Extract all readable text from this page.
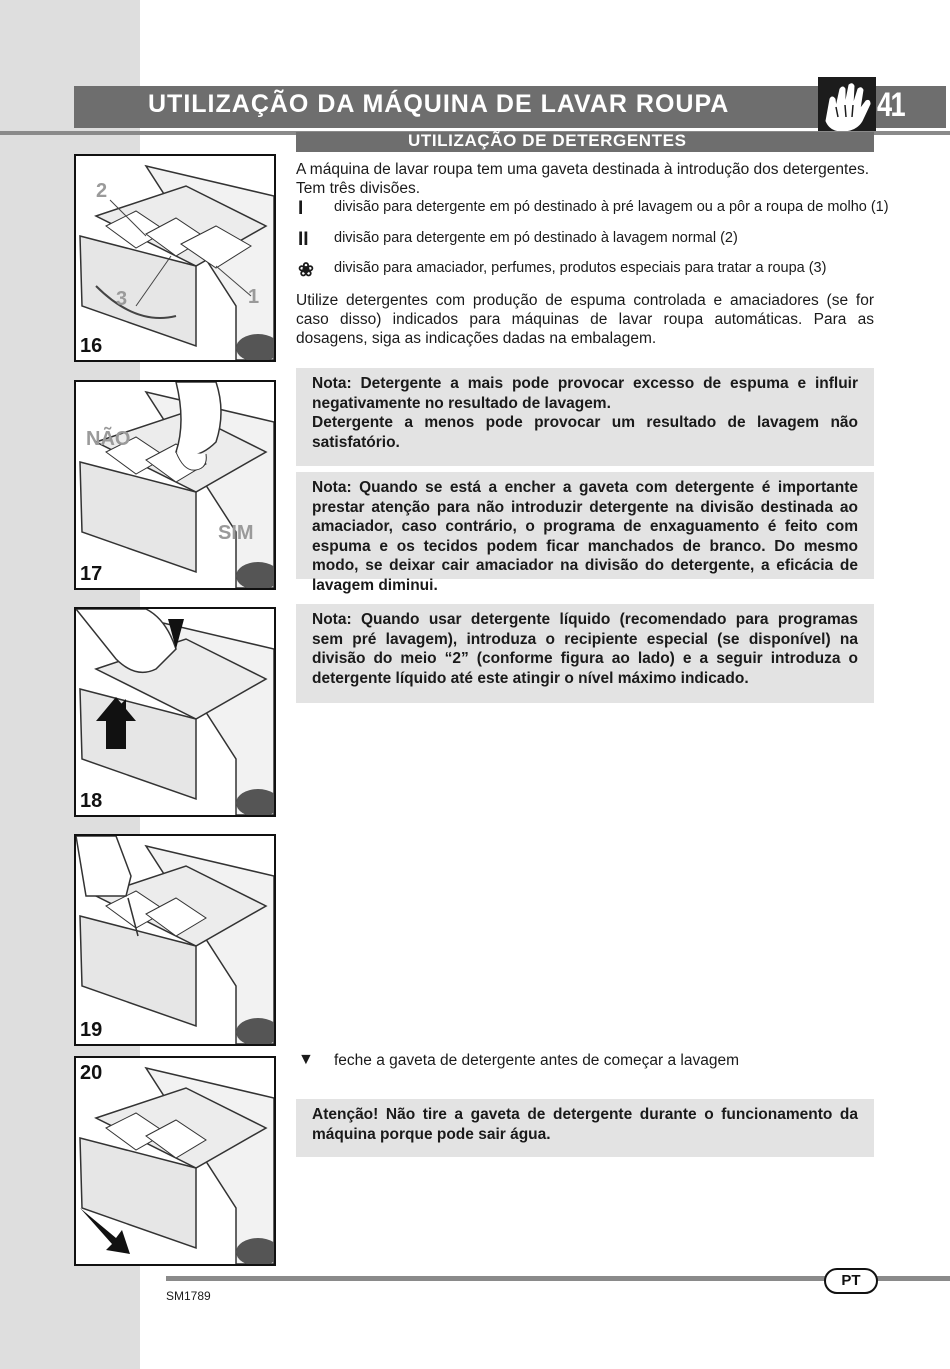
UTILIZAÇÃO DA MÁQUINA DE LAVAR ROUPA	41
UTILIZAÇÃO DE DETERGENTES
2
3	1
16
NÃO
SIM
17
18
19
20
A máquina de lavar roupa tem uma gaveta destinada à introdução dos detergentes.
Tem três divisões.
I divisão para detergente em pó destinado à pré lavagem ou a pôr a roupa de molho (1)
II divisão para detergente em pó destinado à lavagem normal (2)
❀ divisão para amaciador, perfumes, produtos especiais para tratar a roupa (3)
Utilize detergentes com produção de espuma controlada e amaciadores (se for caso disso) indicados para máquinas de lavar roupa automáticas. Para as dosagens, siga as indicações dadas na embalagem.
Nota: Detergente a mais pode provocar excesso de espuma e influir negativamente no resultado de lavagem.
Detergente a menos pode provocar um resultado de lavagem não satisfatório.
Nota: Quando se está a encher a gaveta com detergente é importante prestar atenção para não introduzir detergente na divisão destinada ao amaciador, caso contrário, o programa de enxaguamento é feito com espuma e os tecidos podem ficar manchados de branco. Do mesmo modo, se deixar cair amaciador na divisão do detergente, a eficácia de lavagem diminui.
Nota: Quando usar detergente líquido (recomendado para programas sem pré lavagem), introduza o recipiente especial (se disponível) na divisão do meio “2” (conforme figura ao lado) e a seguir introduza o detergente líquido até este atingir o nível máximo indicado.
▼ feche a gaveta de detergente antes de começar a lavagem
Atenção! Não tire a gaveta de detergente durante o funcionamento da máquina porque pode sair água.
PT
SM1789
